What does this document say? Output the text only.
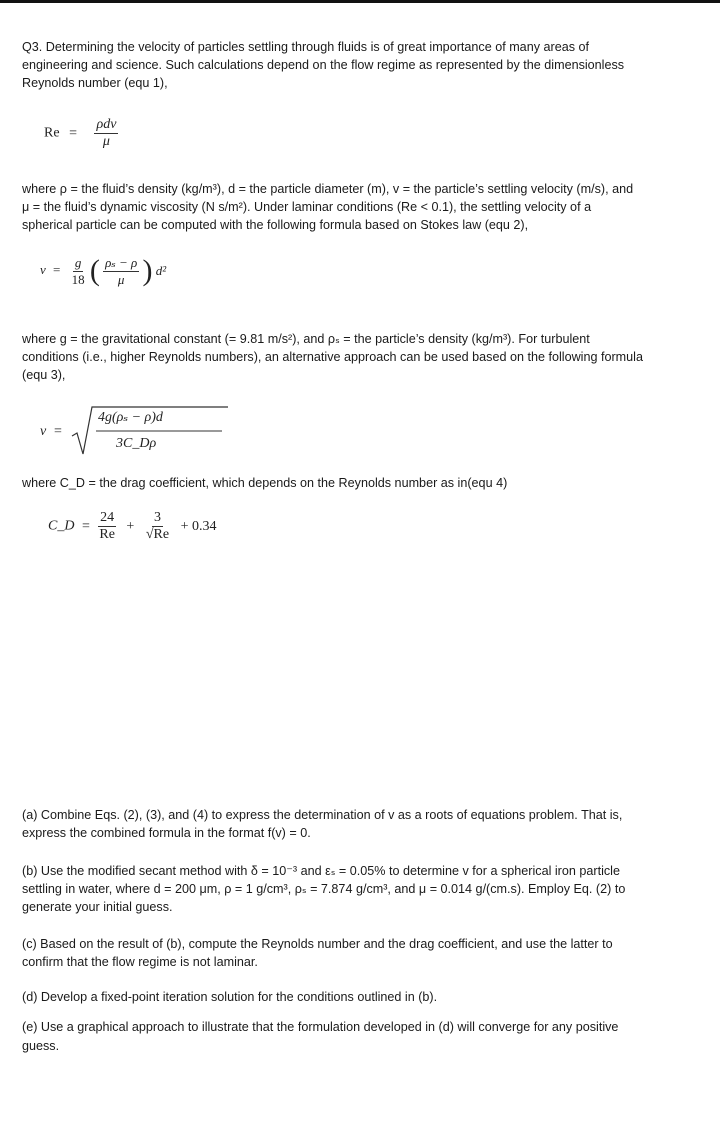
Q3. Determining the velocity of particles settling through fluids is of great importance of many areas of
engineering and science. Such calculations depend on the flow regime as represented by the dimensionless
Reynolds number (equ 1),
$Re = \frac{\text{ρdv}}{\mu}$
where ρ = the fluid’s density (kg/m³), d = the particle diameter (m), v = the particle’s settling velocity (m/s), and
μ = the fluid’s dynamic viscosity (N s/m²). Under laminar conditions (Re < 0.1), the settling velocity of a
spherical particle can be computed with the following formula based on Stokes law (equ 2),
$v = \frac{g}{18}$ ( $\frac{\text{ρₛ − ρ}}{\mu}$ ) d²
where g = the gravitational constant (= 9.81 m/s²), and ρₛ = the particle’s density (kg/m³). For turbulent
conditions (i.e., higher Reynolds numbers), an alternative approach can be used based on the following formula
(equ 3),
v =
4g(ρₛ − ρ)d
3C_Dρ
where C_D = the drag coefficient, which depends on the Reynolds number as in(equ 4)
C_D = $\frac{24}{Re} + \frac{3}{√Re} + 0.34$
(a) Combine Eqs. (2), (3), and (4) to express the determination of v as a roots of equations problem. That is,
express the combined formula in the format f(v) = 0.
(b) Use the modified secant method with δ = 10⁻³ and εₛ = 0.05% to determine v for a spherical iron particle
settling in water, where d = 200 μm, ρ = 1 g/cm³, ρₛ = 7.874 g/cm³, and μ = 0.014 g/(cm.s). Employ Eq. (2) to
generate your initial guess.
(c) Based on the result of (b), compute the Reynolds number and the drag coefficient, and use the latter to
confirm that the flow regime is not laminar.
(d) Develop a fixed-point iteration solution for the conditions outlined in (b).
(e) Use a graphical approach to illustrate that the formulation developed in (d) will converge for any positive
guess.
